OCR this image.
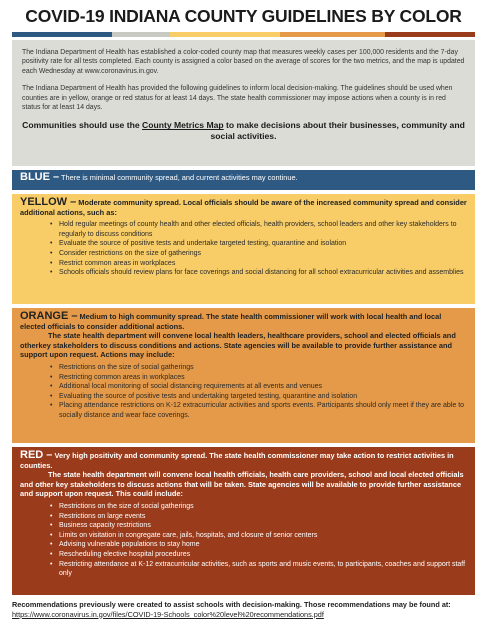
COVID-19 INDIANA COUNTY GUIDELINES BY COLOR

The Indiana Department of Health has established a color-coded county map that measures weekly cases per 100,000 residents and the 7-day positivity rate for all tests completed. Each county is assigned a color based on the average of scores for the two metrics, and the map is updated each Wednesday at www.coronavirus.in.gov.

The Indiana Department of Health has provided the following guidelines to inform local decision-making. The guidelines should be used when counties are in yellow, orange or red status for at least 14 days. The state health commissioner may impose actions when a county is in red status for at least 14 days.

Communities should use the County Metrics Map to make decisions about their businesses, community and social activities.
BLUE – There is minimal community spread, and current activities may continue.
YELLOW – Moderate community spread. Local officials should be aware of the increased community spread and consider additional actions, such as:
• Hold regular meetings of county health and other elected officials, health providers, school leaders and other key stakeholders to regularly to discuss conditions
• Evaluate the source of positive tests and undertake targeted testing, quarantine and isolation
• Consider restrictions on the size of gatherings
• Restrict common areas in workplaces
• Schools officials should review plans for face coverings and social distancing for all school extracurricular activities and assemblies
ORANGE – Medium to high community spread. The state health commissioner will work with local health and local elected officials to consider additional actions.
The state health department will convene local health leaders, healthcare providers, school and elected officials and otherkey stakeholders to discuss conditions and actions. State agencies will be available to provide further assistance and support upon request. Actions may include:
• Restrictions on the size of social gatherings
• Restricting common areas in workplaces
• Additional local monitoring of social distancing requirements at all events and venues
• Evaluating the source of positive tests and undertaking targeted testing, quarantine and isolation
• Placing attendance restrictions on K-12 extracurricular activities and sports events. Participants should only meet if they are able to socially distance and wear face coverings.
RED – Very high positivity and community spread. The state health commissioner may take action to restrict activities in counties.
The state health department will convene local health officials, health care providers, school and local elected officials and other key stakeholders to discuss actions that will be taken. State agencies will be available to provide further assistance and support upon request. This could include:
• Restrictions on the size of social gatherings
• Restrictions on large events
• Business capacity restrictions
• Limits on visitation in congregate care, jails, hospitals, and closure of senior centers
• Advising vulnerable populations to stay home
• Rescheduling elective hospital procedures
• Restricting attendance at K-12 extracurricular activities, such as sports and music events, to participants, coaches and support staff only
Recommendations previously were created to assist schools with decision-making. Those recommendations may be found at:
https://www.coronavirus.in.gov/files/COVID-19-Schools_color%20level%20recommendations.pdf
